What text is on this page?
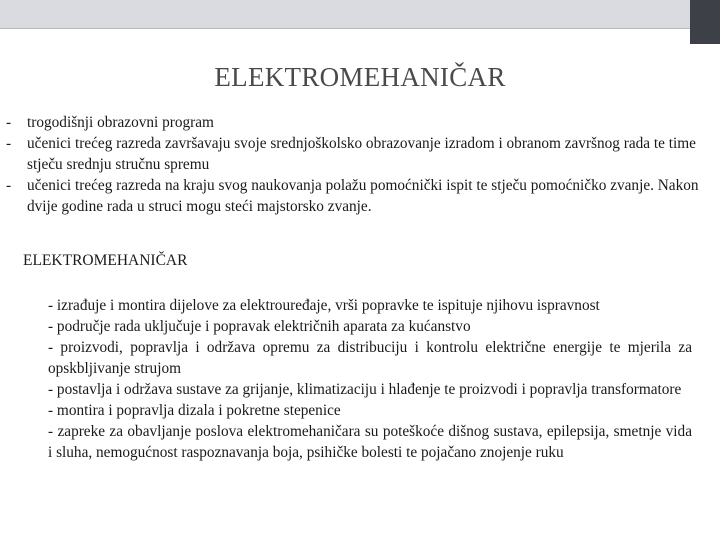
ELEKTROMEHANIČAR
- trogodišnji obrazovni program
- učenici trećeg razreda završavaju svoje srednjoškolsko obrazovanje izradom i obranom završnog rada te time stječu srednju stručnu spremu
- učenici trećeg razreda na kraju svog naukovanja polažu pomoćnički ispit te stječu pomoćničko zvanje. Nakon dvije godine rada u struci mogu steći majstorsko zvanje.
ELEKTROMEHANIČAR

- izrađuje i montira dijelove za elektrouređaje, vrši popravke te ispituje njihovu ispravnost

- područje rada uključuje i popravak električnih aparata za kućanstvo

- proizvodi, popravlja i održava opremu za distribuciju i kontrolu električne energije te mjerila za opskbljivanje strujom

- postavlja i održava sustave za grijanje, klimatizaciju i hlađenje te proizvodi i popravlja transformatore

- montira i popravlja dizala i pokretne stepenice

- zapreke za obavljanje poslova elektromehaničara su poteškoće dišnog sustava, epilepsija, smetnje vida i sluha, nemogućnost raspoznavanja boja, psihičke bolesti te pojačano znojenje ruku
